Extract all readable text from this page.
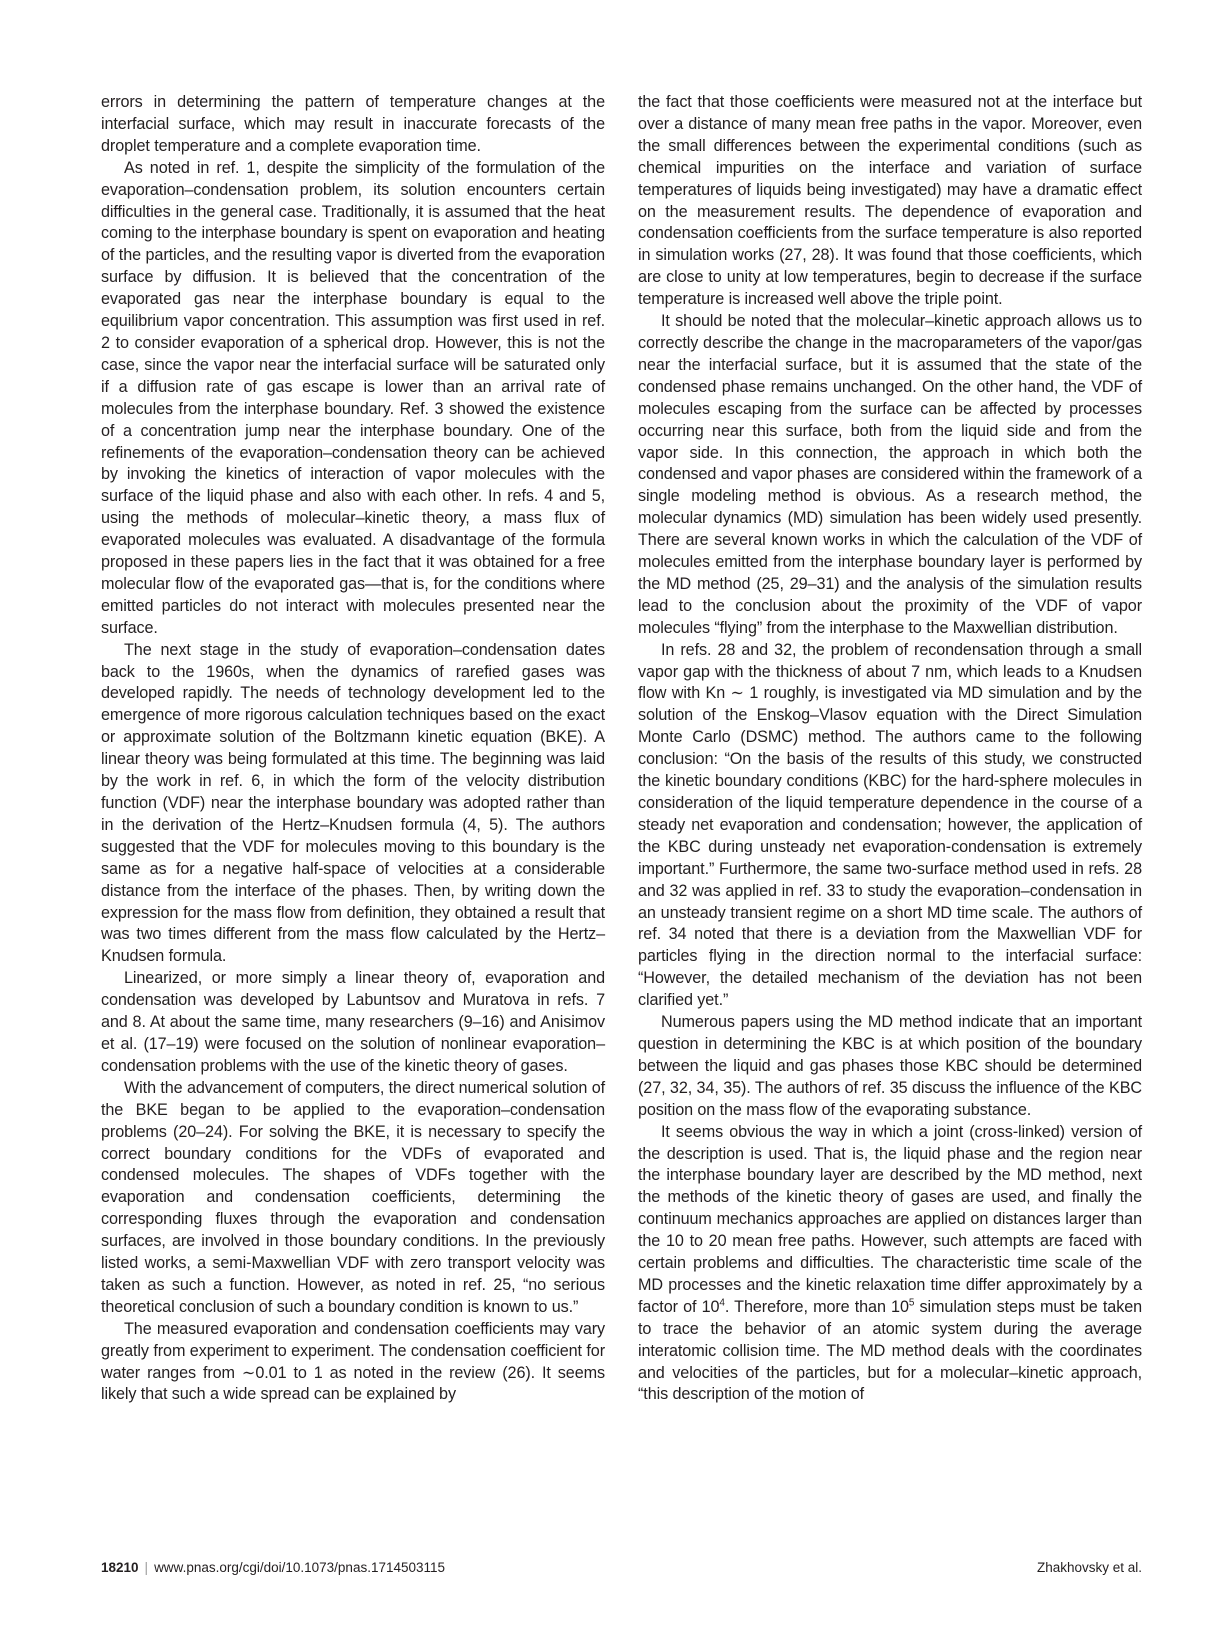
errors in determining the pattern of temperature changes at the interfacial surface, which may result in inaccurate forecasts of the droplet temperature and a complete evaporation time.

As noted in ref. 1, despite the simplicity of the formulation of the evaporation–condensation problem, its solution encounters certain difficulties in the general case. Traditionally, it is assumed that the heat coming to the interphase boundary is spent on evaporation and heating of the particles, and the resulting vapor is diverted from the evaporation surface by diffusion. It is believed that the concentration of the evaporated gas near the interphase boundary is equal to the equilibrium vapor concentration. This assumption was first used in ref. 2 to consider evaporation of a spherical drop. However, this is not the case, since the vapor near the interfacial surface will be saturated only if a diffusion rate of gas escape is lower than an arrival rate of molecules from the interphase boundary. Ref. 3 showed the existence of a concentration jump near the interphase boundary. One of the refinements of the evaporation–condensation theory can be achieved by invoking the kinetics of interaction of vapor molecules with the surface of the liquid phase and also with each other. In refs. 4 and 5, using the methods of molecular–kinetic theory, a mass flux of evaporated molecules was evaluated. A disadvantage of the formula proposed in these papers lies in the fact that it was obtained for a free molecular flow of the evaporated gas—that is, for the conditions where emitted particles do not interact with molecules presented near the surface.

The next stage in the study of evaporation–condensation dates back to the 1960s, when the dynamics of rarefied gases was developed rapidly. The needs of technology development led to the emergence of more rigorous calculation techniques based on the exact or approximate solution of the Boltzmann kinetic equation (BKE). A linear theory was being formulated at this time. The beginning was laid by the work in ref. 6, in which the form of the velocity distribution function (VDF) near the interphase boundary was adopted rather than in the derivation of the Hertz–Knudsen formula (4, 5). The authors suggested that the VDF for molecules moving to this boundary is the same as for a negative half-space of velocities at a considerable distance from the interface of the phases. Then, by writing down the expression for the mass flow from definition, they obtained a result that was two times different from the mass flow calculated by the Hertz–Knudsen formula.

Linearized, or more simply a linear theory of, evaporation and condensation was developed by Labuntsov and Muratova in refs. 7 and 8. At about the same time, many researchers (9–16) and Anisimov et al. (17–19) were focused on the solution of nonlinear evaporation–condensation problems with the use of the kinetic theory of gases.

With the advancement of computers, the direct numerical solution of the BKE began to be applied to the evaporation–condensation problems (20–24). For solving the BKE, it is necessary to specify the correct boundary conditions for the VDFs of evaporated and condensed molecules. The shapes of VDFs together with the evaporation and condensation coefficients, determining the corresponding fluxes through the evaporation and condensation surfaces, are involved in those boundary conditions. In the previously listed works, a semi-Maxwellian VDF with zero transport velocity was taken as such a function. However, as noted in ref. 25, “no serious theoretical conclusion of such a boundary condition is known to us.”

The measured evaporation and condensation coefficients may vary greatly from experiment to experiment. The condensation coefficient for water ranges from ∼0.01 to 1 as noted in the review (26). It seems likely that such a wide spread can be explained by

the fact that those coefficients were measured not at the interface but over a distance of many mean free paths in the vapor. Moreover, even the small differences between the experimental conditions (such as chemical impurities on the interface and variation of surface temperatures of liquids being investigated) may have a dramatic effect on the measurement results. The dependence of evaporation and condensation coefficients from the surface temperature is also reported in simulation works (27, 28). It was found that those coefficients, which are close to unity at low temperatures, begin to decrease if the surface temperature is increased well above the triple point.

It should be noted that the molecular–kinetic approach allows us to correctly describe the change in the macroparameters of the vapor/gas near the interfacial surface, but it is assumed that the state of the condensed phase remains unchanged. On the other hand, the VDF of molecules escaping from the surface can be affected by processes occurring near this surface, both from the liquid side and from the vapor side. In this connection, the approach in which both the condensed and vapor phases are considered within the framework of a single modeling method is obvious. As a research method, the molecular dynamics (MD) simulation has been widely used presently. There are several known works in which the calculation of the VDF of molecules emitted from the interphase boundary layer is performed by the MD method (25, 29–31) and the analysis of the simulation results lead to the conclusion about the proximity of the VDF of vapor molecules “flying” from the interphase to the Maxwellian distribution.

In refs. 28 and 32, the problem of recondensation through a small vapor gap with the thickness of about 7 nm, which leads to a Knudsen flow with Kn ∼ 1 roughly, is investigated via MD simulation and by the solution of the Enskog–Vlasov equation with the Direct Simulation Monte Carlo (DSMC) method. The authors came to the following conclusion: “On the basis of the results of this study, we constructed the kinetic boundary conditions (KBC) for the hard-sphere molecules in consideration of the liquid temperature dependence in the course of a steady net evaporation and condensation; however, the application of the KBC during unsteady net evaporation-condensation is extremely important.” Furthermore, the same two-surface method used in refs. 28 and 32 was applied in ref. 33 to study the evaporation–condensation in an unsteady transient regime on a short MD time scale. The authors of ref. 34 noted that there is a deviation from the Maxwellian VDF for particles flying in the direction normal to the interfacial surface: “However, the detailed mechanism of the deviation has not been clarified yet.”

Numerous papers using the MD method indicate that an important question in determining the KBC is at which position of the boundary between the liquid and gas phases those KBC should be determined (27, 32, 34, 35). The authors of ref. 35 discuss the influence of the KBC position on the mass flow of the evaporating substance.

It seems obvious the way in which a joint (cross-linked) version of the description is used. That is, the liquid phase and the region near the interphase boundary layer are described by the MD method, next the methods of the kinetic theory of gases are used, and finally the continuum mechanics approaches are applied on distances larger than the 10 to 20 mean free paths. However, such attempts are faced with certain problems and difficulties. The characteristic time scale of the MD processes and the kinetic relaxation time differ approximately by a factor of $10^4$. Therefore, more than $10^5$ simulation steps must be taken to trace the behavior of an atomic system during the average interatomic collision time. The MD method deals with the coordinates and velocities of the particles, but for a molecular–kinetic approach, “this description of the motion of

18210 | www.pnas.org/cgi/doi/10.1073/pnas.1714503115	Zhakhovsky et al.
